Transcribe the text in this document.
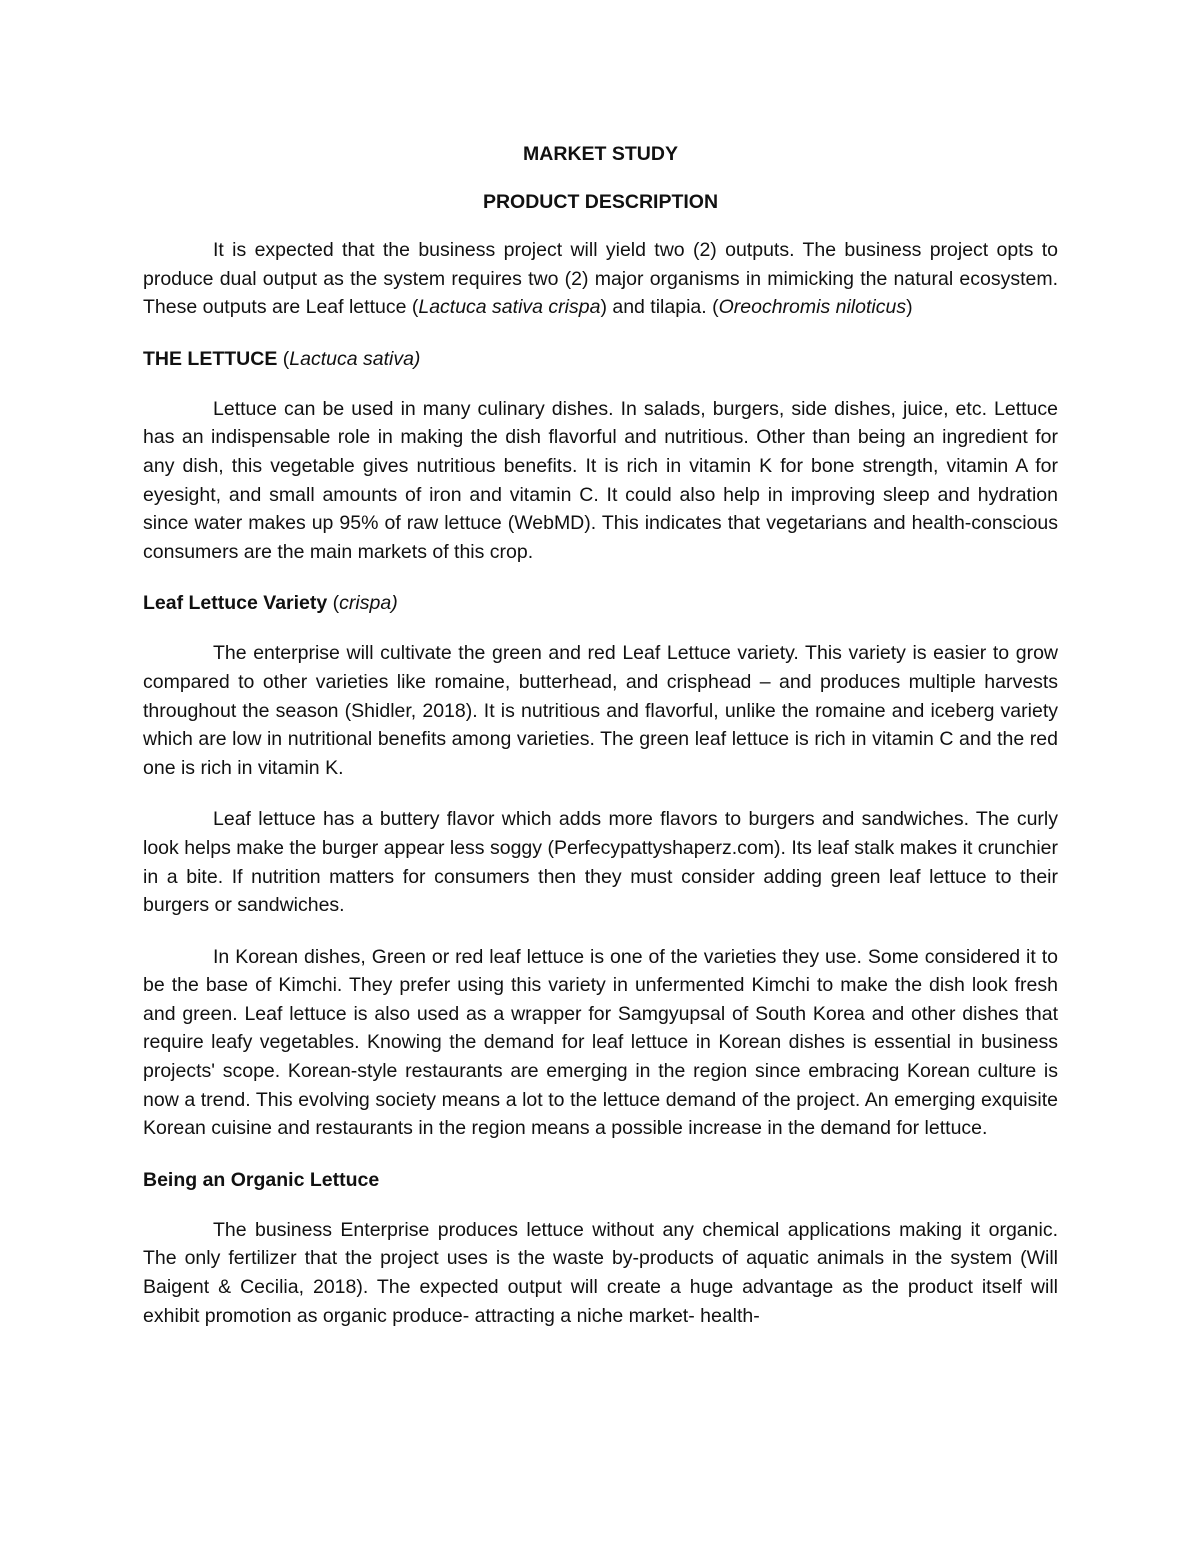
MARKET STUDY
PRODUCT DESCRIPTION

It is expected that the business project will yield two (2) outputs. The business project opts to produce dual output as the system requires two (2) major organisms in mimicking the natural ecosystem. These outputs are Leaf lettuce (Lactuca sativa crispa) and tilapia. (Oreochromis niloticus)

THE LETTUCE (Lactuca sativa)

Lettuce can be used in many culinary dishes. In salads, burgers, side dishes, juice, etc. Lettuce has an indispensable role in making the dish flavorful and nutritious. Other than being an ingredient for any dish, this vegetable gives nutritious benefits. It is rich in vitamin K for bone strength, vitamin A for eyesight, and small amounts of iron and vitamin C. It could also help in improving sleep and hydration since water makes up 95% of raw lettuce (WebMD). This indicates that vegetarians and health-conscious consumers are the main markets of this crop.

Leaf Lettuce Variety (crispa)

The enterprise will cultivate the green and red Leaf Lettuce variety. This variety is easier to grow compared to other varieties like romaine, butterhead, and crisphead – and produces multiple harvests throughout the season (Shidler, 2018). It is nutritious and flavorful, unlike the romaine and iceberg variety which are low in nutritional benefits among varieties. The green leaf lettuce is rich in vitamin C and the red one is rich in vitamin K.

Leaf lettuce has a buttery flavor which adds more flavors to burgers and sandwiches. The curly look helps make the burger appear less soggy (Perfecypattyshaperz.com). Its leaf stalk makes it crunchier in a bite. If nutrition matters for consumers then they must consider adding green leaf lettuce to their burgers or sandwiches.

In Korean dishes, Green or red leaf lettuce is one of the varieties they use. Some considered it to be the base of Kimchi. They prefer using this variety in unfermented Kimchi to make the dish look fresh and green. Leaf lettuce is also used as a wrapper for Samgyupsal of South Korea and other dishes that require leafy vegetables. Knowing the demand for leaf lettuce in Korean dishes is essential in business projects' scope. Korean-style restaurants are emerging in the region since embracing Korean culture is now a trend. This evolving society means a lot to the lettuce demand of the project. An emerging exquisite Korean cuisine and restaurants in the region means a possible increase in the demand for lettuce.

Being an Organic Lettuce

The business Enterprise produces lettuce without any chemical applications making it organic. The only fertilizer that the project uses is the waste by-products of aquatic animals in the system (Will Baigent & Cecilia, 2018). The expected output will create a huge advantage as the product itself will exhibit promotion as organic produce- attracting a niche market- health-
